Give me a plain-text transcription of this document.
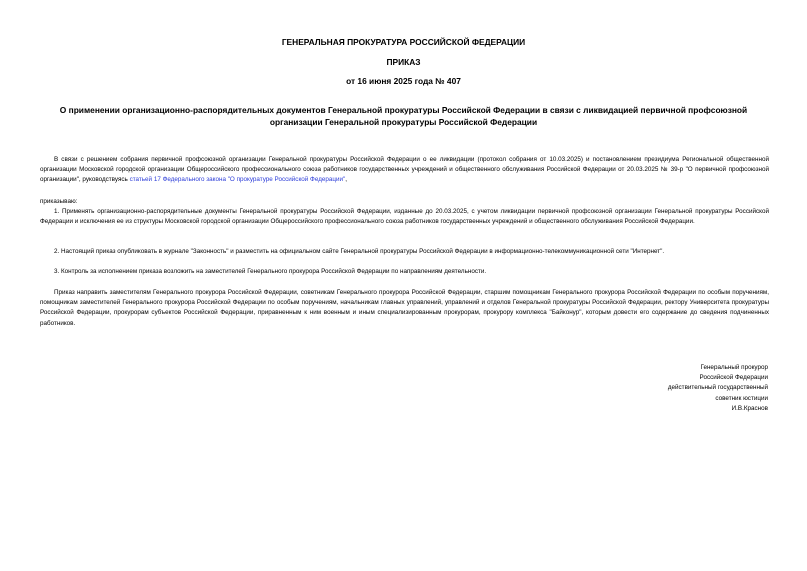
ГЕНЕРАЛЬНАЯ ПРОКУРАТУРА РОССИЙСКОЙ ФЕДЕРАЦИИ
ПРИКАЗ
от 16 июня 2025 года № 407
О применении организационно-распорядительных документов Генеральной прокуратуры Российской Федерации в связи с ликвидацией первичной профсоюзной организации Генеральной прокуратуры Российской Федерации
В связи с решением собрания первичной профсоюзной организации Генеральной прокуратуры Российской Федерации о ее ликвидации (протокол собрания от 10.03.2025) и постановлением президиума Региональной общественной организации Московской городской организации Общероссийского профессионального союза работников государственных учреждений и общественного обслуживания Российской Федерации от 20.03.2025 № 39-р "О первичной профсоюзной организации", руководствуясь статьей 17 Федерального закона "О прокуратуре Российской Федерации",
приказываю:
1. Применять организационно-распорядительные документы Генеральной прокуратуры Российской Федерации, изданные до 20.03.2025, с учетом ликвидации первичной профсоюзной организации Генеральной прокуратуры Российской Федерации и исключения ее из структуры Московской городской организации Общероссийского профессионального союза работников государственных учреждений и общественного обслуживания Российской Федерации.
2. Настоящий приказ опубликовать в журнале "Законность" и разместить на официальном сайте Генеральной прокуратуры Российской Федерации в информационно-телекоммуникационной сети "Интернет".
3. Контроль за исполнением приказа возложить на заместителей Генерального прокурора Российской Федерации по направлениям деятельности.
Приказ направить заместителям Генерального прокурора Российской Федерации, советникам Генерального прокурора Российской Федерации, старшим помощникам Генерального прокурора Российской Федерации по особым поручениям, помощникам заместителей Генерального прокурора Российской Федерации по особым поручениям, начальникам главных управлений, управлений и отделов Генеральной прокуратуры Российской Федерации, ректору Университета прокуратуры Российской Федерации, прокурорам субъектов Российской Федерации, приравненным к ним военным и иным специализированным прокурорам, прокурору комплекса "Байконур", которым довести его содержание до сведения подчиненных работников.
Генеральный прокурор
Российской Федерации
действительный государственный
советник юстиции
И.В.Краснов
